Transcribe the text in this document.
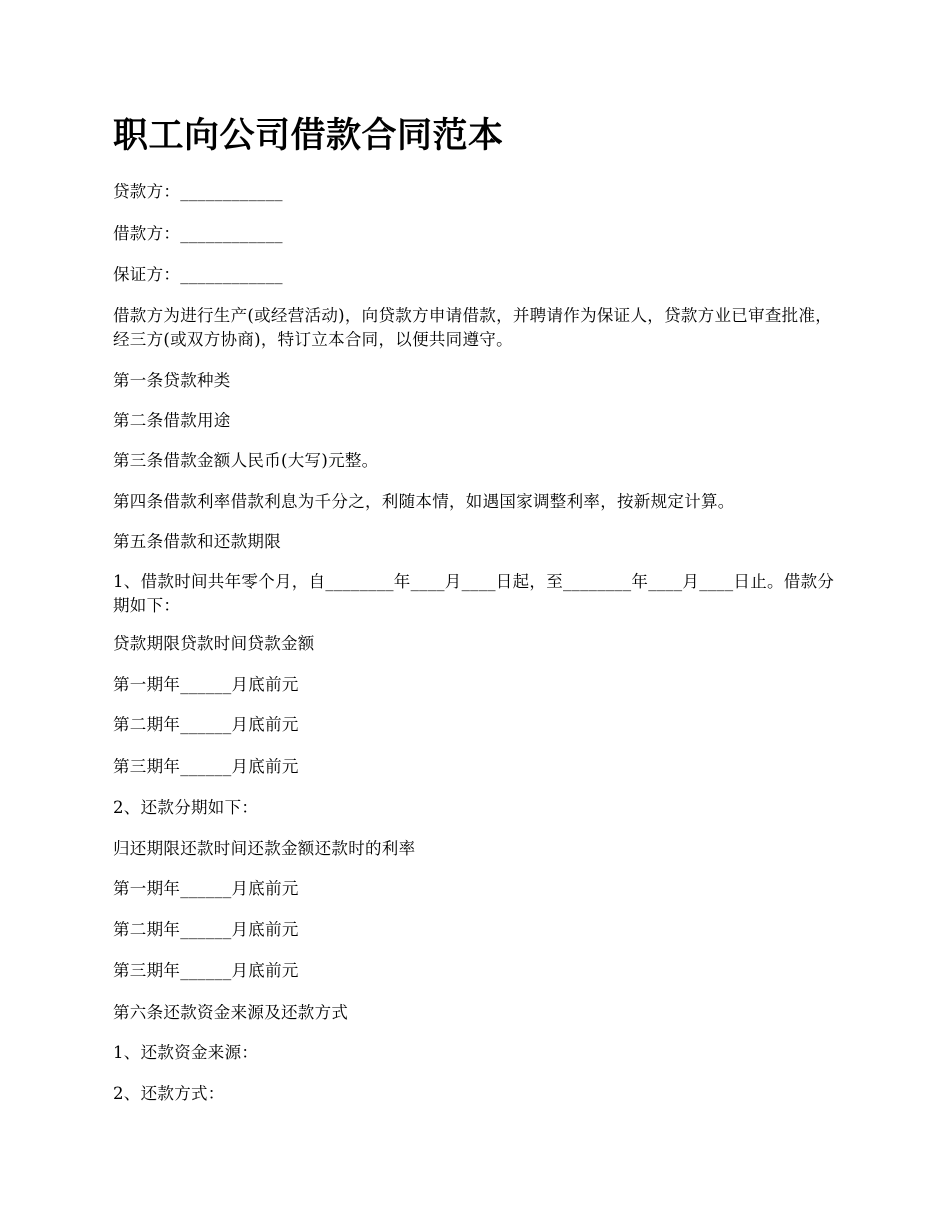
职工向公司借款合同范本

贷款方：____________

借款方：____________

保证方：____________

借款方为进行生产(或经营活动)，向贷款方申请借款，并聘请作为保证人，贷款方业已审查批准，经三方(或双方协商)，特订立本合同，以便共同遵守。

第一条贷款种类

第二条借款用途

第三条借款金额人民币(大写)元整。

第四条借款利率借款利息为千分之，利随本情，如遇国家调整利率，按新规定计算。

第五条借款和还款期限

1、借款时间共年零个月，自________年____月____日起，至________年____月____日止。借款分期如下：

贷款期限贷款时间贷款金额

第一期年______月底前元

第二期年______月底前元

第三期年______月底前元

2、还款分期如下：

归还期限还款时间还款金额还款时的利率

第一期年______月底前元

第二期年______月底前元

第三期年______月底前元

第六条还款资金来源及还款方式

1、还款资金来源：

2、还款方式：
